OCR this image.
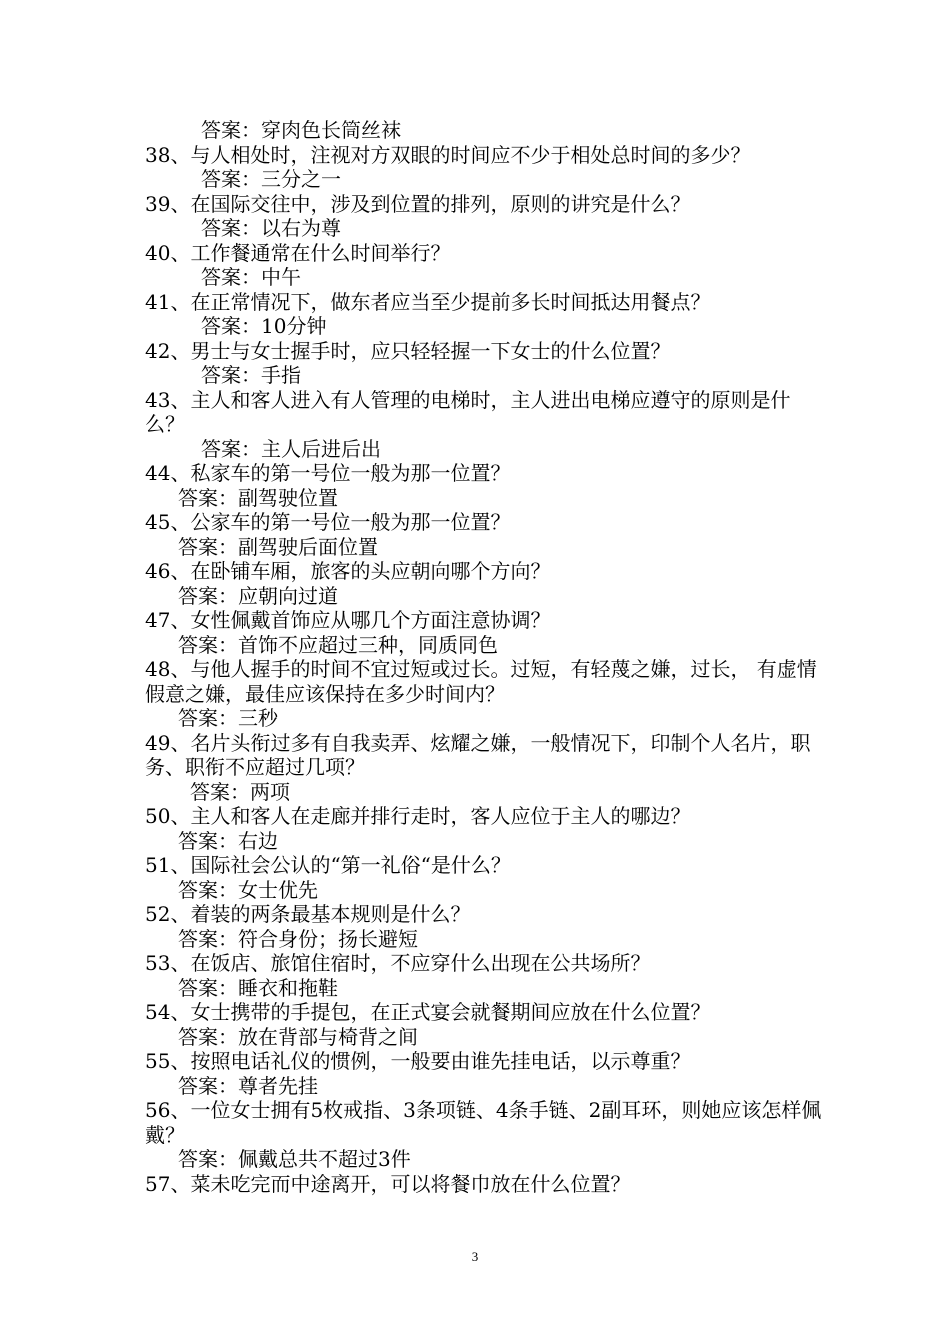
答案：穿肉色长筒丝袜
38、与人相处时，注视对方双眼的时间应不少于相处总时间的多少？
答案：三分之一
39、在国际交往中，涉及到位置的排列，原则的讲究是什么？
答案：以右为尊
40、工作餐通常在什么时间举行？
答案：中午
41、在正常情况下，做东者应当至少提前多长时间抵达用餐点？
答案：10分钟
42、男士与女士握手时，应只轻轻握一下女士的什么位置？
答案：手指
43、主人和客人进入有人管理的电梯时，主人进出电梯应遵守的原则是什么？
答案：主人后进后出
44、私家车的第一号位一般为那一位置？
答案：副驾驶位置
45、公家车的第一号位一般为那一位置？
答案：副驾驶后面位置
46、在卧铺车厢，旅客的头应朝向哪个方向？
答案：应朝向过道
47、女性佩戴首饰应从哪几个方面注意协调？
答案：首饰不应超过三种，同质同色
48、与他人握手的时间不宜过短或过长。过短，有轻蔑之嫌，过长， 有虚情假意之嫌，最佳应该保持在多少时间内？
答案：三秒
49、名片头衔过多有自我卖弄、炫耀之嫌，一般情况下，印制个人名片，职务、职衔不应超过几项？
答案：两项
50、主人和客人在走廊并排行走时，客人应位于主人的哪边？
答案：右边
51、国际社会公认的“第一礼俗“是什么？
答案：女士优先
52、着装的两条最基本规则是什么？
答案：符合身份；扬长避短
53、在饭店、旅馆住宿时，不应穿什么出现在公共场所？
答案：睡衣和拖鞋
54、女士携带的手提包，在正式宴会就餐期间应放在什么位置？
答案：放在背部与椅背之间
55、按照电话礼仪的惯例，一般要由谁先挂电话，以示尊重？
答案：尊者先挂
56、一位女士拥有5枚戒指、3条项链、4条手链、2副耳环，则她应该怎样佩戴？
答案：佩戴总共不超过3件
57、菜未吃完而中途离开，可以将餐巾放在什么位置？
3
